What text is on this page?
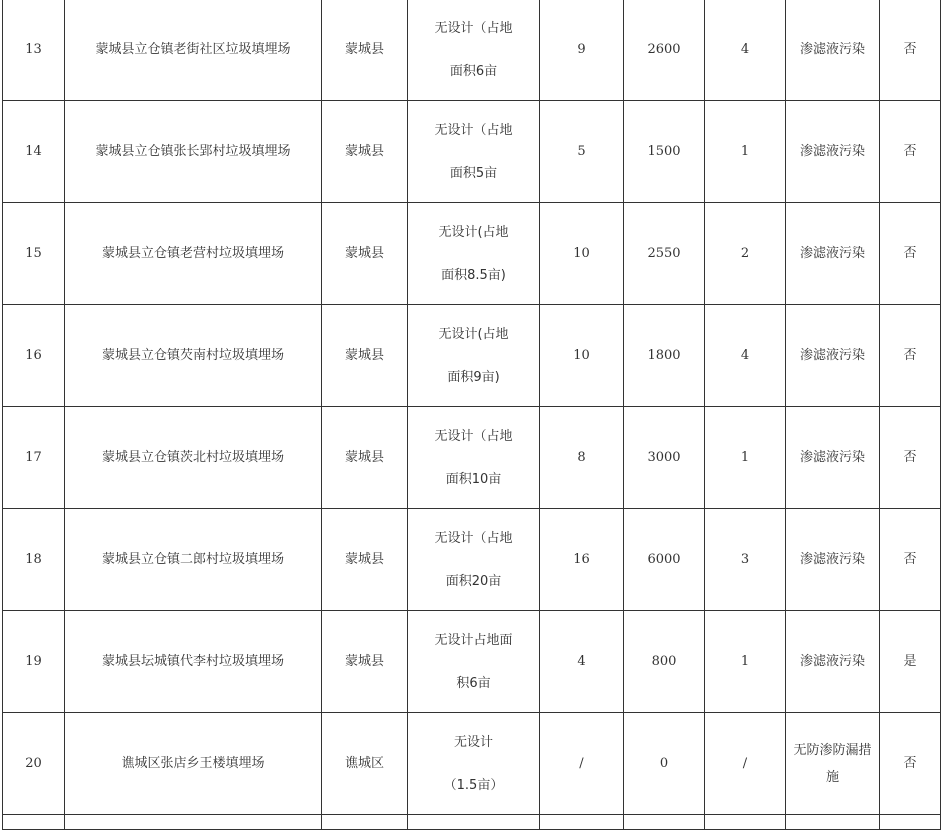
13	蒙城县立仓镇老街社区垃圾填埋场	蒙城县	无设计（占地
面积6亩	9	2600	4	渗滤液污染	否
14	蒙城县立仓镇张长郢村垃圾填埋场	蒙城县	无设计（占地
面积5亩	5	1500	1	渗滤液污染	否
15	蒙城县立仓镇老营村垃圾填埋场	蒙城县	无设计(占地
面积8.5亩)	10	2550	2	渗滤液污染	否
16	蒙城县立仓镇芡南村垃圾填埋场	蒙城县	无设计(占地
面积9亩)	10	1800	4	渗滤液污染	否
17	蒙城县立仓镇茨北村垃圾填埋场	蒙城县	无设计（占地
面积10亩	8	3000	1	渗滤液污染	否
18	蒙城县立仓镇二郎村垃圾填埋场	蒙城县	无设计（占地
面积20亩	16	6000	3	渗滤液污染	否
19	蒙城县坛城镇代李村垃圾填埋场	蒙城县	无设计占地面
积6亩	4	800	1	渗滤液污染	是
20	谯城区张店乡王楼填埋场	谯城区	无设计
（1.5亩）	/	0	/	无防渗防漏措
施	否
